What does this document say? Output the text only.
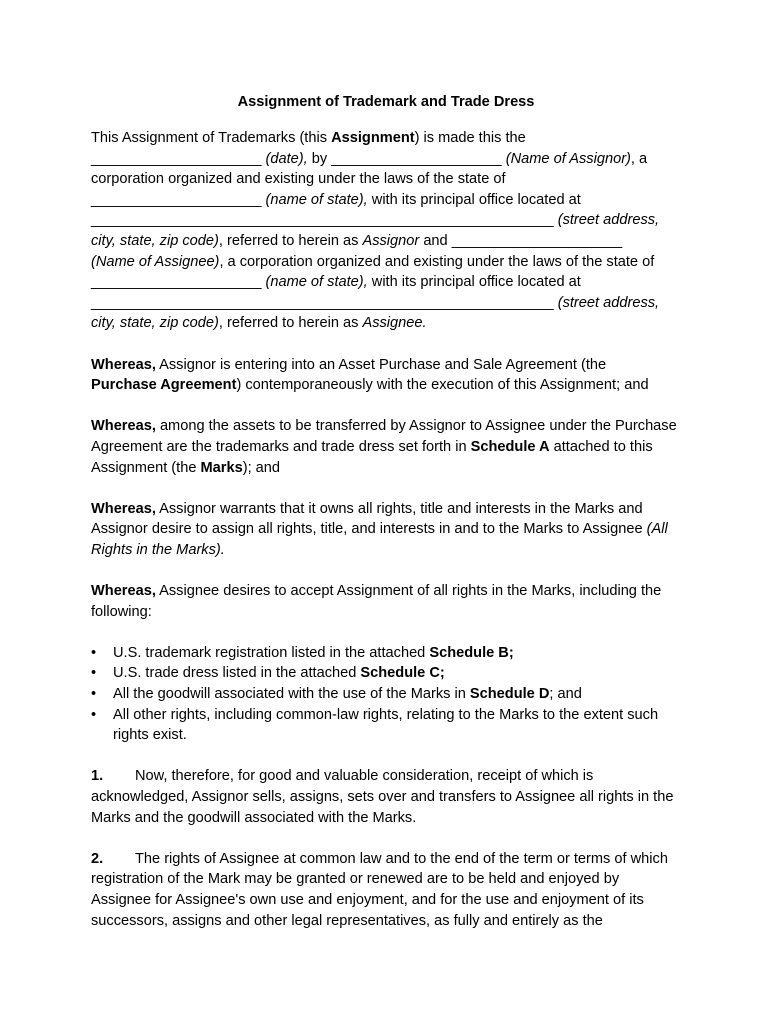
Assignment of Trademark and Trade Dress

This Assignment of Trademarks (this Assignment) is made this the
_____________________ (date), by _____________________ (Name of Assignor), a
corporation organized and existing under the laws of the state of
_____________________ (name of state), with its principal office located at
_________________________________________________________ (street address,
city, state, zip code), referred to herein as Assignor and _____________________
(Name of Assignee), a corporation organized and existing under the laws of the state of
_____________________ (name of state), with its principal office located at
_________________________________________________________ (street address,
city, state, zip code), referred to herein as Assignee.

Whereas, Assignor is entering into an Asset Purchase and Sale Agreement (the
Purchase Agreement) contemporaneously with the execution of this Assignment; and

Whereas, among the assets to be transferred by Assignor to Assignee under the Purchase Agreement are the trademarks and trade dress set forth in Schedule A attached to this Assignment (the Marks); and

Whereas, Assignor warrants that it owns all rights, title and interests in the Marks and Assignor desire to assign all rights, title, and interests in and to the Marks to Assignee (All Rights in the Marks).

Whereas, Assignee desires to accept Assignment of all rights in the Marks, including the following:

•	U.S. trademark registration listed in the attached Schedule B;
•	U.S. trade dress listed in the attached Schedule C;
•	All the goodwill associated with the use of the Marks in Schedule D; and
•	All other rights, including common-law rights, relating to the Marks to the extent such rights exist.

1. Now, therefore, for good and valuable consideration, receipt of which is acknowledged, Assignor sells, assigns, sets over and transfers to Assignee all rights in the Marks and the goodwill associated with the Marks.

2. The rights of Assignee at common law and to the end of the term or terms of which registration of the Mark may be granted or renewed are to be held and enjoyed by Assignee for Assignee's own use and enjoyment, and for the use and enjoyment of its successors, assigns and other legal representatives, as fully and entirely as the
